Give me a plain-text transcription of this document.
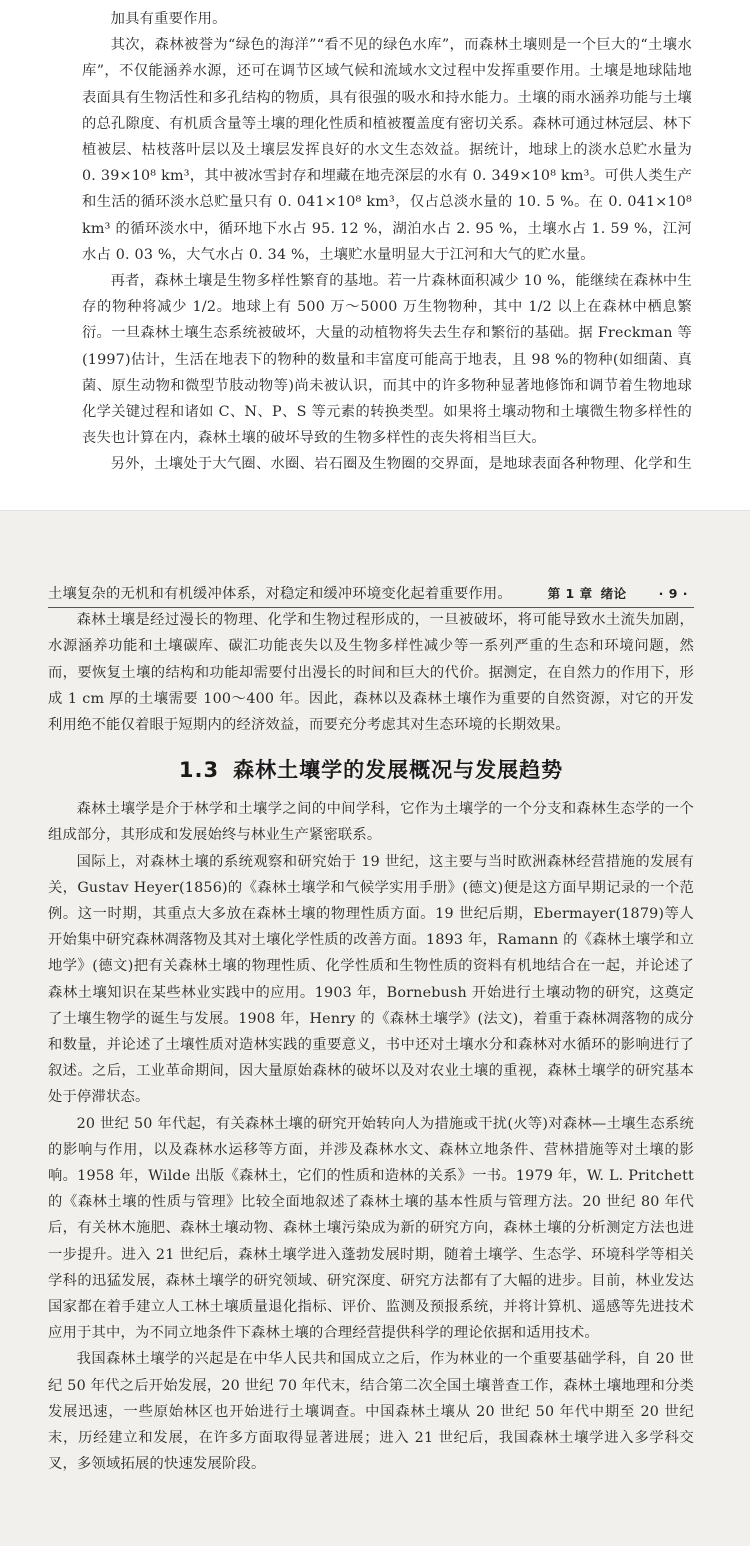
加具有重要作用。

其次，森林被誉为“绿色的海洋”“看不见的绿色水库”，而森林土壤则是一个巨大的“土壤水库”，不仅能涵养水源，还可在调节区域气候和流域水文过程中发挥重要作用。土壤是地球陆地表面具有生物活性和多孔结构的物质，具有很强的吸水和持水能力。土壤的雨水涵养功能与土壤的总孔隙度、有机质含量等土壤的理化性质和植被覆盖度有密切关系。森林可通过林冠层、林下植被层、枯枝落叶层以及土壤层发挥良好的水文生态效益。据统计，地球上的淡水总贮水量为 0. 39×10⁸ km³，其中被冰雪封存和埋藏在地壳深层的水有 0. 349×10⁸ km³。可供人类生产和生活的循环淡水总贮量只有 0. 041×10⁸ km³，仅占总淡水量的 10. 5 %。在 0. 041×10⁸ km³ 的循环淡水中，循环地下水占 95. 12 %，湖泊水占 2. 95 %，土壤水占 1. 59 %，江河水占 0. 03 %，大气水占 0. 34 %，土壤贮水量明显大于江河和大气的贮水量。

再者，森林土壤是生物多样性繁育的基地。若一片森林面积减少 10 %，能继续在森林中生存的物种将减少 1/2。地球上有 500 万～5000 万生物物种，其中 1/2 以上在森林中栖息繁衍。一旦森林土壤生态系统被破坏，大量的动植物将失去生存和繁衍的基础。据 Freckman 等(1997)估计，生活在地表下的物种的数量和丰富度可能高于地表，且 98 %的物种(如细菌、真菌、原生动物和微型节肢动物等)尚未被认识，而其中的许多物种显著地修饰和调节着生物地球化学关键过程和诸如 C、N、P、S 等元素的转换类型。如果将土壤动物和土壤微生物多样性的丧失也计算在内，森林土壤的破坏导致的生物多样性的丧失将相当巨大。

另外，土壤处于大气圈、水圈、岩石圈及生物圈的交界面，是地球表面各种物理、化学和生

第 1 章 绪论	· 9 ·

土壤复杂的无机和有机缓冲体系，对稳定和缓冲环境变化起着重要作用。

森林土壤是经过漫长的物理、化学和生物过程形成的，一旦被破坏，将可能导致水土流失加剧，水源涵养功能和土壤碳库、碳汇功能丧失以及生物多样性减少等一系列严重的生态和环境问题，然而，要恢复土壤的结构和功能却需要付出漫长的时间和巨大的代价。据测定，在自然力的作用下，形成 1 cm 厚的土壤需要 100～400 年。因此，森林以及森林土壤作为重要的自然资源，对它的开发利用绝不能仅着眼于短期内的经济效益，而要充分考虑其对生态环境的长期效果。

1.3 森林土壤学的发展概况与发展趋势

森林土壤学是介于林学和土壤学之间的中间学科，它作为土壤学的一个分支和森林生态学的一个组成部分，其形成和发展始终与林业生产紧密联系。

国际上，对森林土壤的系统观察和研究始于 19 世纪，这主要与当时欧洲森林经营措施的发展有关，Gustav Heyer(1856)的《森林土壤学和气候学实用手册》(德文)便是这方面早期记录的一个范例。这一时期，其重点大多放在森林土壤的物理性质方面。19 世纪后期，Ebermayer(1879)等人开始集中研究森林凋落物及其对土壤化学性质的改善方面。1893 年，Ramann 的《森林土壤学和立地学》(德文)把有关森林土壤的物理性质、化学性质和生物性质的资料有机地结合在一起，并论述了森林土壤知识在某些林业实践中的应用。1903 年，Bornebush 开始进行土壤动物的研究，这奠定了土壤生物学的诞生与发展。1908 年，Henry 的《森林土壤学》(法文)，着重于森林凋落物的成分和数量，并论述了土壤性质对造林实践的重要意义，书中还对土壤水分和森林对水循环的影响进行了叙述。之后，工业革命期间，因大量原始森林的破坏以及对农业土壤的重视，森林土壤学的研究基本处于停滞状态。

20 世纪 50 年代起，有关森林土壤的研究开始转向人为措施或干扰(火等)对森林—土壤生态系统的影响与作用，以及森林水运移等方面，并涉及森林水文、森林立地条件、营林措施等对土壤的影响。1958 年，Wilde 出版《森林土，它们的性质和造林的关系》一书。1979 年，W. L. Pritchett 的《森林土壤的性质与管理》比较全面地叙述了森林土壤的基本性质与管理方法。20 世纪 80 年代后，有关林木施肥、森林土壤动物、森林土壤污染成为新的研究方向，森林土壤的分析测定方法也进一步提升。进入 21 世纪后，森林土壤学进入蓬勃发展时期，随着土壤学、生态学、环境科学等相关学科的迅猛发展，森林土壤学的研究领域、研究深度、研究方法都有了大幅的进步。目前，林业发达国家都在着手建立人工林土壤质量退化指标、评价、监测及预报系统，并将计算机、遥感等先进技术应用于其中，为不同立地条件下森林土壤的合理经营提供科学的理论依据和适用技术。

我国森林土壤学的兴起是在中华人民共和国成立之后，作为林业的一个重要基础学科，自 20 世纪 50 年代之后开始发展，20 世纪 70 年代末，结合第二次全国土壤普查工作，森林土壤地理和分类发展迅速，一些原始林区也开始进行土壤调查。中国森林土壤从 20 世纪 50 年代中期至 20 世纪末，历经建立和发展，在许多方面取得显著进展；进入 21 世纪后，我国森林土壤学进入多学科交叉，多领域拓展的快速发展阶段。
